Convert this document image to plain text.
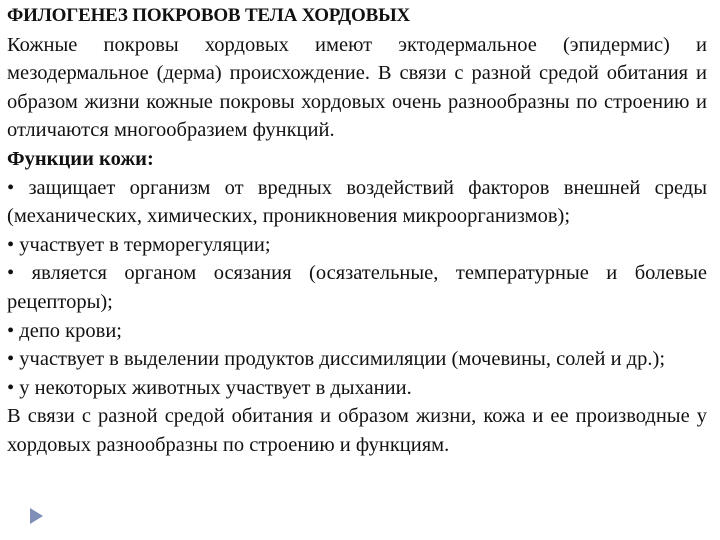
ФИЛОГЕНЕЗ ПОКРОВОВ ТЕЛА ХОРДОВЫХ

Кожные покровы хордовых имеют эктодермальное (эпидермис) и мезодермальное (дерма) происхождение. В связи с разной средой обитания и образом жизни кожные покровы хордовых очень разнообразны по строению и отличаются многообразием функций.

Функции кожи:

• защищает организм от вредных воздействий факторов внешней среды (механических, химических, проникновения микроорганизмов);

• участвует в терморегуляции;

• является органом осязания (осязательные, температурные и болевые рецепторы);

• депо крови;

• участвует в выделении продуктов диссимиляции (мочевины, солей и др.);

• у некоторых животных участвует в дыхании.

В связи с разной средой обитания и образом жизни, кожа и ее производные у хордовых разнообразны по строению и функциям.
